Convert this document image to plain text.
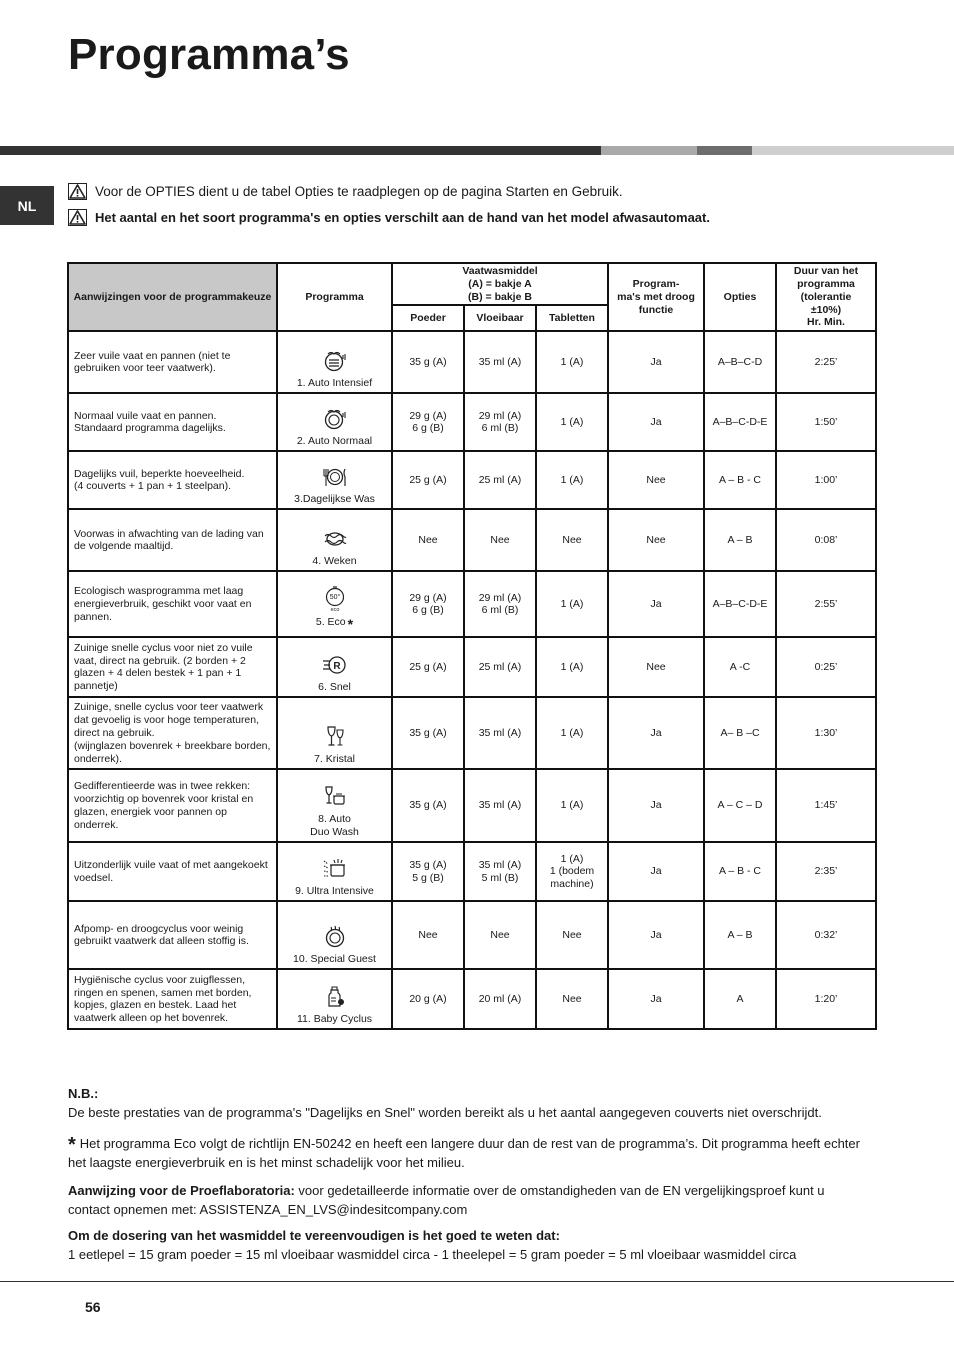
Programma’s
NL
Voor de OPTIES dient u de tabel Opties te raadplegen op de pagina Starten en Gebruik.
Het aantal en het soort programma's en opties verschilt aan de hand van het model afwasautomaat.
Aanwijzingen voor de programmakeuze	Programma	Vaatwasmiddel
(A) = bakje A
(B) = bakje B			Program-
ma's met droog
functie	Opties	Duur van het
programma
(tolerantie
±10%)
Hr. Min.
		Poeder	Vloeibaar	Tabletten			
Zeer vuile vaat en pannen (niet te gebruiken voor teer vaatwerk).	1. Auto Intensief	35 g (A)	35 ml (A)	1 (A)	Ja	A–B–C-D	2:25’
Normaal vuile vaat en pannen.
Standaard programma dagelijks.	2. Auto Normaal	29 g (A)
6 g (B)	29 ml (A)
6 ml (B)	1 (A)	Ja	A–B–C-D-E	1:50’
Dagelijks vuil, beperkte hoeveelheid.
(4 couverts + 1 pan + 1 steelpan).	3.Dagelijkse Was	25 g (A)	25 ml (A)	1 (A)	Nee	A – B - C	1:00’
Voorwas in afwachting van de lading van de volgende maaltijd.	4. Weken	Nee	Nee	Nee	Nee	A – B	0:08’
Ecologisch wasprogramma met laag energieverbruik, geschikt voor vaat en pannen.	50°
eco
5. Eco *	29 g (A)
6 g (B)	29 ml (A)
6 ml (B)	1 (A)	Ja	A–B–C-D-E	2:55’
Zuinige snelle cyclus voor niet zo vuile vaat, direct na gebruik. (2 borden + 2 glazen + 4 delen bestek + 1 pan + 1 pannetje)	R
6. Snel	25 g (A)	25 ml (A)	1 (A)	Nee	A -C	0:25’
Zuinige, snelle cyclus voor teer vaatwerk dat gevoelig is voor hoge temperaturen, direct na gebruik.
(wijnglazen bovenrek + breekbare borden, onderrek).	7. Kristal	35 g (A)	35 ml (A)	1 (A)	Ja	A– B –C	1:30’
Gedifferentieerde was in twee rekken: voorzichtig op bovenrek voor kristal en glazen, energiek voor pannen op onderrek.	8. Auto
Duo Wash	35 g (A)	35 ml (A)	1 (A)	Ja	A – C – D	1:45’
Uitzonderlijk vuile vaat of met aangekoekt voedsel.	9. Ultra Intensive	35 g (A)
5 g (B)	35 ml (A)
5 ml (B)	1 (A)
1 (bodem
machine)	Ja	A – B - C	2:35’
Afpomp- en droogcyclus voor weinig gebruikt vaatwerk dat alleen stoffig is.	10. Special Guest	Nee	Nee	Nee	Ja	A – B	0:32’
Hygiënische cyclus voor zuigflessen, ringen en spenen, samen met borden, kopjes, glazen en bestek. Laad het vaatwerk alleen op het bovenrek.	11. Baby Cyclus	20 g (A)	20 ml (A)	Nee	Ja	A	1:20’

N.B.:

De beste prestaties van de programma's "Dagelijks en Snel" worden bereikt als u het aantal aangegeven couverts niet overschrijdt.

* Het programma Eco volgt de richtlijn EN-50242 en heeft een langere duur dan de rest van de programma’s. Dit programma heeft echter het laagste energieverbruik en is het minst schadelijk voor het milieu.

Aanwijzing voor de Proeflaboratoria: voor gedetailleerde informatie over de omstandigheden van de EN vergelijkingsproef kunt u contact opnemen met: ASSISTENZA_EN_LVS@indesitcompany.com

Om de dosering van het wasmiddel te vereenvoudigen is het goed te weten dat:

1 eetlepel = 15 gram poeder = 15 ml vloeibaar wasmiddel circa - 1 theelepel = 5 gram poeder = 5 ml vloeibaar wasmiddel circa

56
